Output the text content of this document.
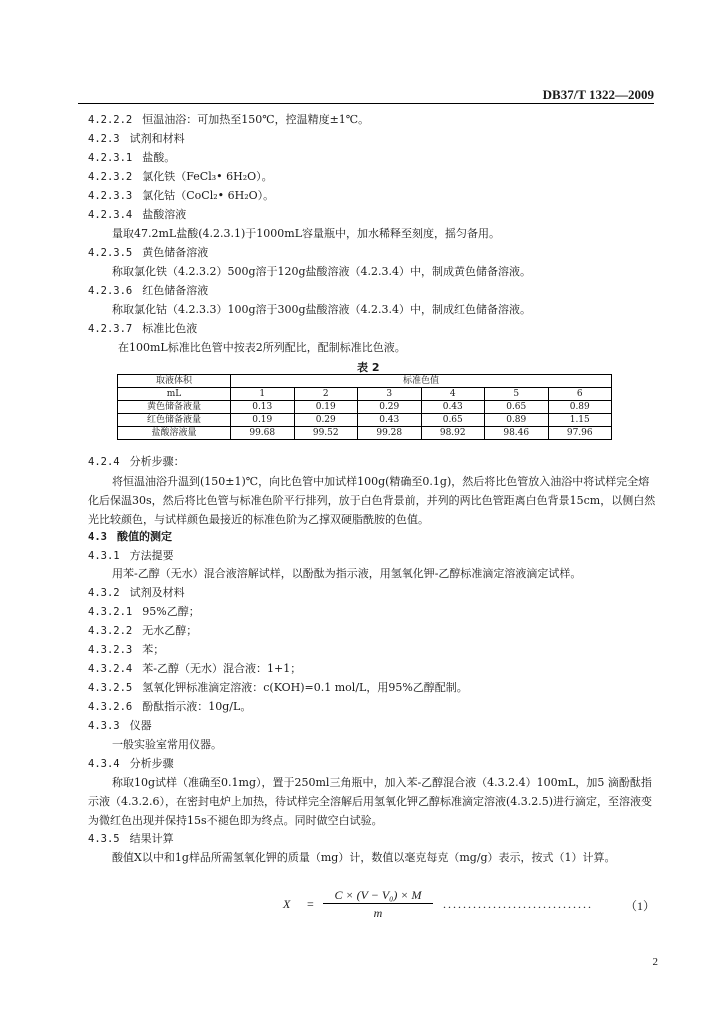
DB37/T 1322—2009
4.2.2.2 恒温油浴：可加热至150℃，控温精度±1℃。
4.2.3 试剂和材料
4.2.3.1 盐酸。
4.2.3.2 氯化铁（FeCl₃• 6H₂O）。
4.2.3.3 氯化钴（CoCl₂• 6H₂O）。
4.2.3.4 盐酸溶液
量取47.2mL盐酸(4.2.3.1)于1000mL容量瓶中，加水稀释至刻度，摇匀备用。
4.2.3.5 黄色储备溶液
称取氯化铁（4.2.3.2）500g溶于120g盐酸溶液（4.2.3.4）中，制成黄色储备溶液。
4.2.3.6 红色储备溶液
称取氯化钴（4.2.3.3）100g溶于300g盐酸溶液（4.2.3.4）中，制成红色储备溶液。
4.2.3.7 标准比色液
在100mL标准比色管中按表2所列配比，配制标准比色液。
表 2
取液体积	标准色值					
mL	1	2	3	4	5	6
黄色储备液量	0.13	0.19	0.29	0.43	0.65	0.89
红色储备液量	0.19	0.29	0.43	0.65	0.89	1.15
盐酸溶液量	99.68	99.52	99.28	98.92	98.46	97.96
4.2.4 分析步骤：
将恒温油浴升温到(150±1)℃，向比色管中加试样100g(精确至0.1g)，然后将比色管放入油浴中将试样完全熔化后保温30s，然后将比色管与标准色阶平行排列，放于白色背景前，并列的两比色管距离白色背景15cm，以侧白然光比较颜色，与试样颜色最接近的标准色阶为乙撑双硬脂酰胺的色值。
4.3 酸值的测定
4.3.1 方法提要
用苯-乙醇（无水）混合液溶解试样，以酚酞为指示液，用氢氧化钾-乙醇标准滴定溶液滴定试样。
4.3.2 试剂及材料
4.3.2.1 95%乙醇；
4.3.2.2 无水乙醇；
4.3.2.3 苯；
4.3.2.4 苯-乙醇（无水）混合液：1+1；
4.3.2.5 氢氧化钾标准滴定溶液：c(KOH)=0.1 mol/L，用95%乙醇配制。
4.3.2.6 酚酞指示液：10g/L。
4.3.3 仪器
一般实验室常用仪器。
4.3.4 分析步骤
称取10g试样（准确至0.1mg），置于250ml三角瓶中，加入苯-乙醇混合液（4.3.2.4）100mL，加5 滴酚酞指示液（4.3.2.6），在密封电炉上加热，待试样完全溶解后用氢氧化钾乙醇标准滴定溶液(4.3.2.5)进行滴定，至溶液变为微红色出现并保持15s不褪色即为终点。同时做空白试验。
4.3.5 结果计算
酸值X以中和1g样品所需氢氧化钾的质量（mg）计，数值以毫克每克（mg/g）表示，按式（1）计算。
X =
C × (V − V₀) × M
m
..............................	（1）
2
